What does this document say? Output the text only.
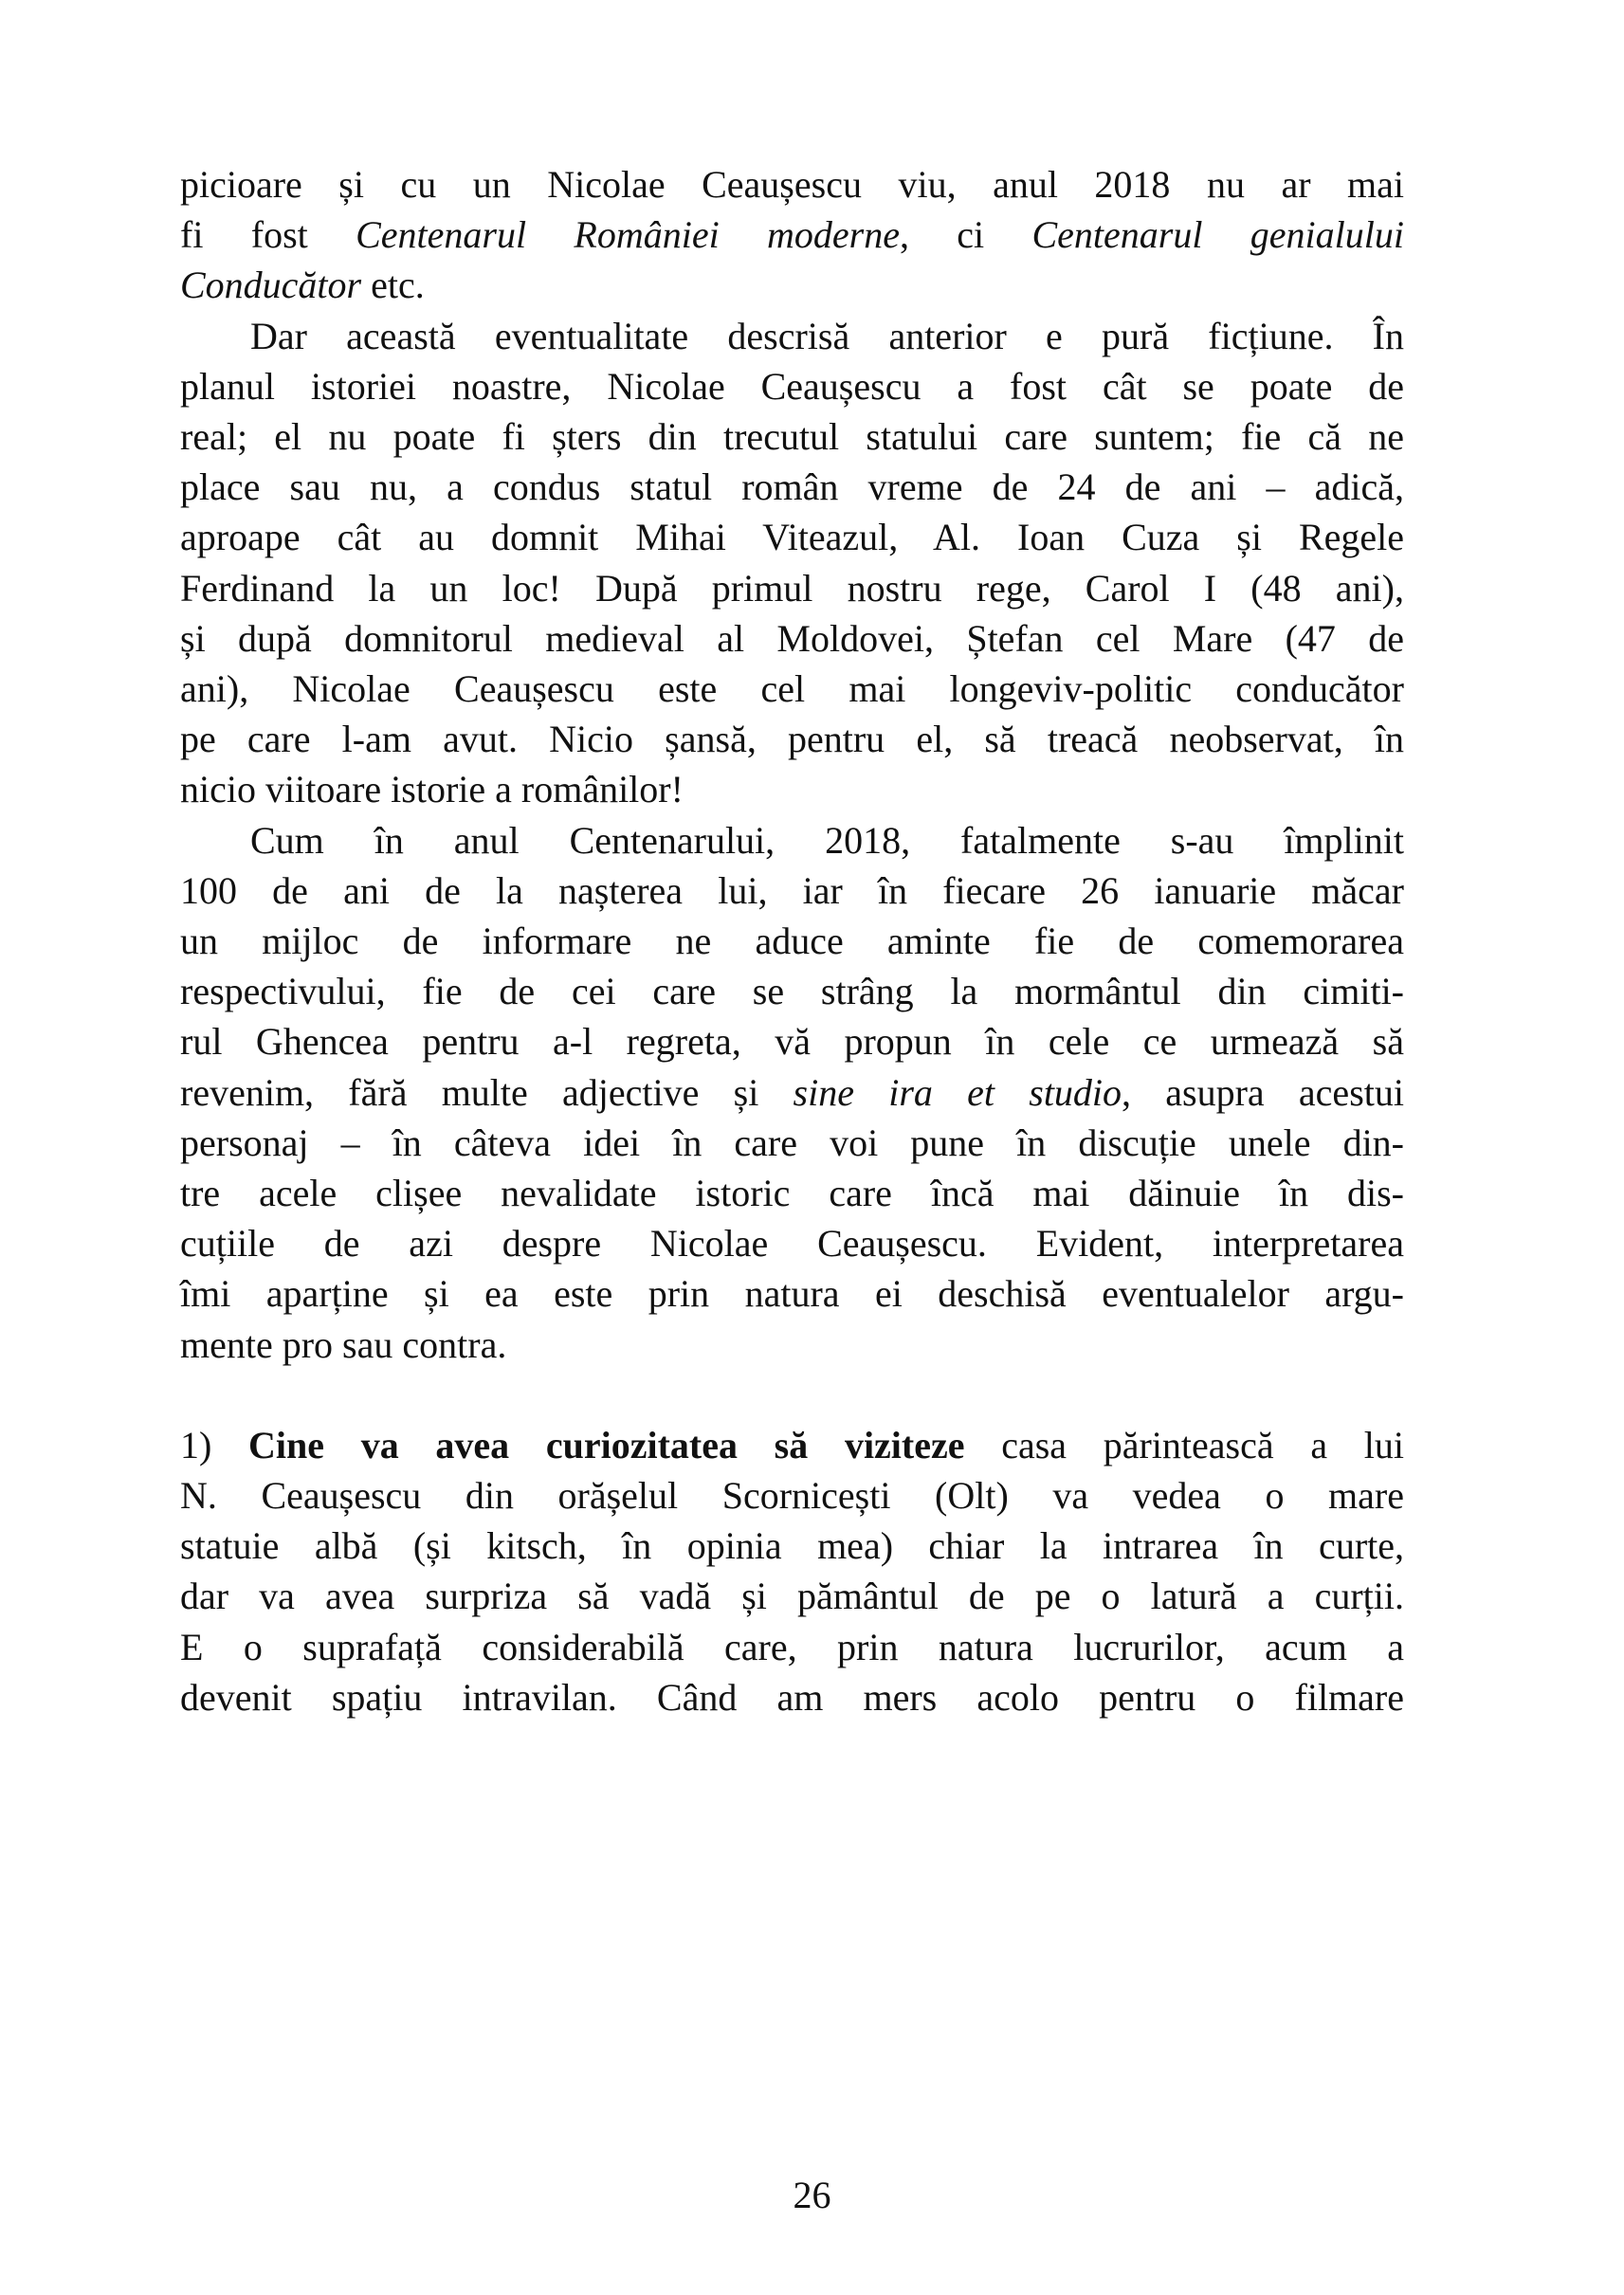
picioare și cu un Nicolae Ceaușescu viu, anul 2018 nu ar mai
fi fost Centenarul României moderne, ci Centenarul genialului
Conducător etc.

Dar această eventualitate descrisă anterior e pură ficțiune. În
planul istoriei noastre, Nicolae Ceaușescu a fost cât se poate de
real; el nu poate fi șters din trecutul statului care suntem; fie că ne
place sau nu, a condus statul român vreme de 24 de ani – adică,
aproape cât au domnit Mihai Viteazul, Al. Ioan Cuza și Regele
Ferdinand la un loc! După primul nostru rege, Carol I (48 ani),
și după domnitorul medieval al Moldovei, Ștefan cel Mare (47 de
ani), Nicolae Ceaușescu este cel mai longeviv-politic conducător
pe care l-am avut. Nicio șansă, pentru el, să treacă neobservat, în
nicio viitoare istorie a românilor!

Cum în anul Centenarului, 2018, fatalmente s-au împlinit
100 de ani de la nașterea lui, iar în fiecare 26 ianuarie măcar
un mijloc de informare ne aduce aminte fie de comemorarea
respectivului, fie de cei care se strâng la mormântul din cimiti-
rul Ghencea pentru a-l regreta, vă propun în cele ce urmează să
revenim, fără multe adjective și sine ira et studio, asupra acestui
personaj – în câteva idei în care voi pune în discuție unele din-
tre acele clișee nevalidate istoric care încă mai dăinuie în dis-
cuțiile de azi despre Nicolae Ceaușescu. Evident, interpretarea
îmi aparține și ea este prin natura ei deschisă eventualelor argu-
mente pro sau contra.

1) Cine va avea curiozitatea să viziteze casa părintească a lui
N. Ceaușescu din orășelul Scornicești (Olt) va vedea o mare
statuie albă (și kitsch, în opinia mea) chiar la intrarea în curte,
dar va avea surpriza să vadă și pământul de pe o latură a curții.
E o suprafață considerabilă care, prin natura lucrurilor, acum a
devenit spațiu intravilan. Când am mers acolo pentru o filmare

26
